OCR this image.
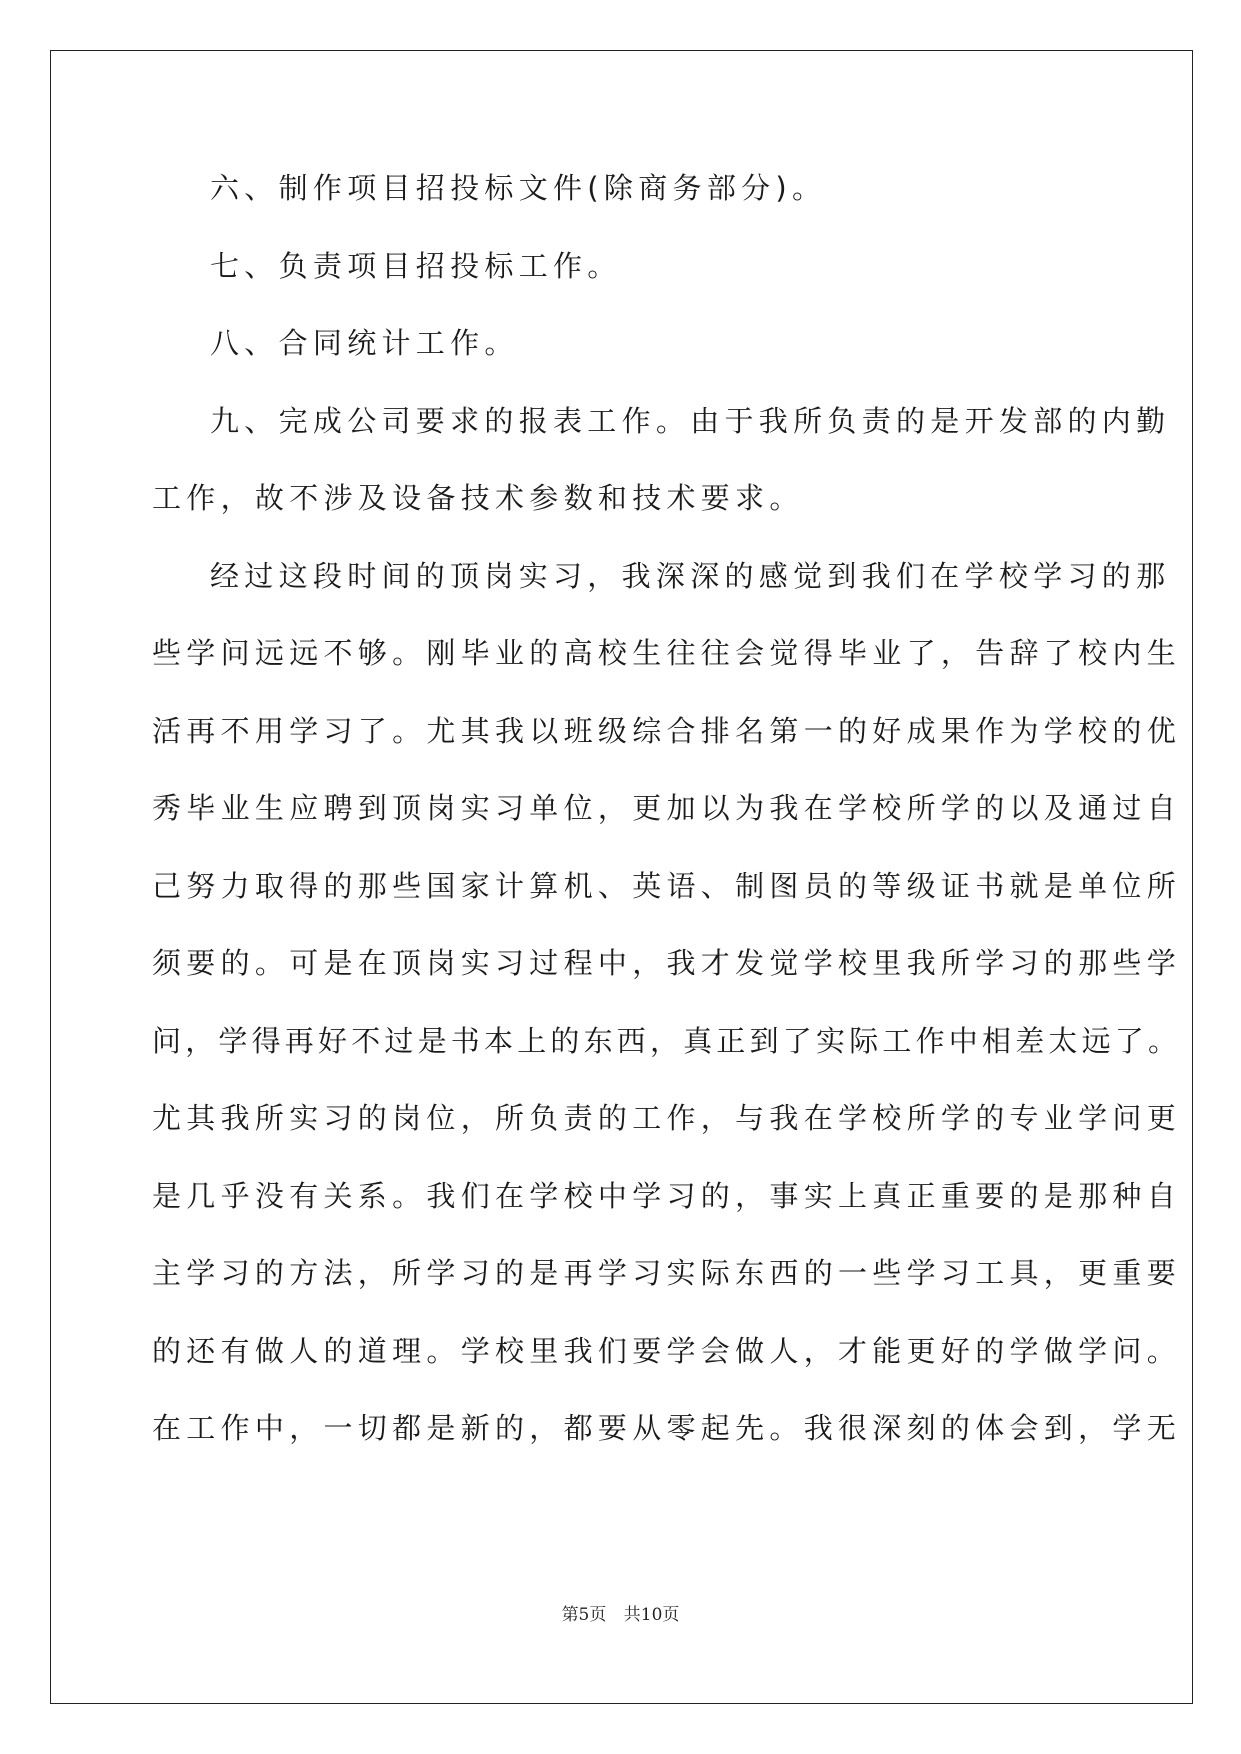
六、制作项目招投标文件(除商务部分)。
七、负责项目招投标工作。
八、合同统计工作。
九、完成公司要求的报表工作。由于我所负责的是开发部的内勤
工作，故不涉及设备技术参数和技术要求。
经过这段时间的顶岗实习，我深深的感觉到我们在学校学习的那
些学问远远不够。刚毕业的高校生往往会觉得毕业了，告辞了校内生
活再不用学习了。尤其我以班级综合排名第一的好成果作为学校的优
秀毕业生应聘到顶岗实习单位，更加以为我在学校所学的以及通过自
己努力取得的那些国家计算机、英语、制图员的等级证书就是单位所
须要的。可是在顶岗实习过程中，我才发觉学校里我所学习的那些学
问，学得再好不过是书本上的东西，真正到了实际工作中相差太远了。
尤其我所实习的岗位，所负责的工作，与我在学校所学的专业学问更
是几乎没有关系。我们在学校中学习的，事实上真正重要的是那种自
主学习的方法，所学习的是再学习实际东西的一些学习工具，更重要
的还有做人的道理。学校里我们要学会做人，才能更好的学做学问。
在工作中，一切都是新的，都要从零起先。我很深刻的体会到，学无
第5页 共10页
